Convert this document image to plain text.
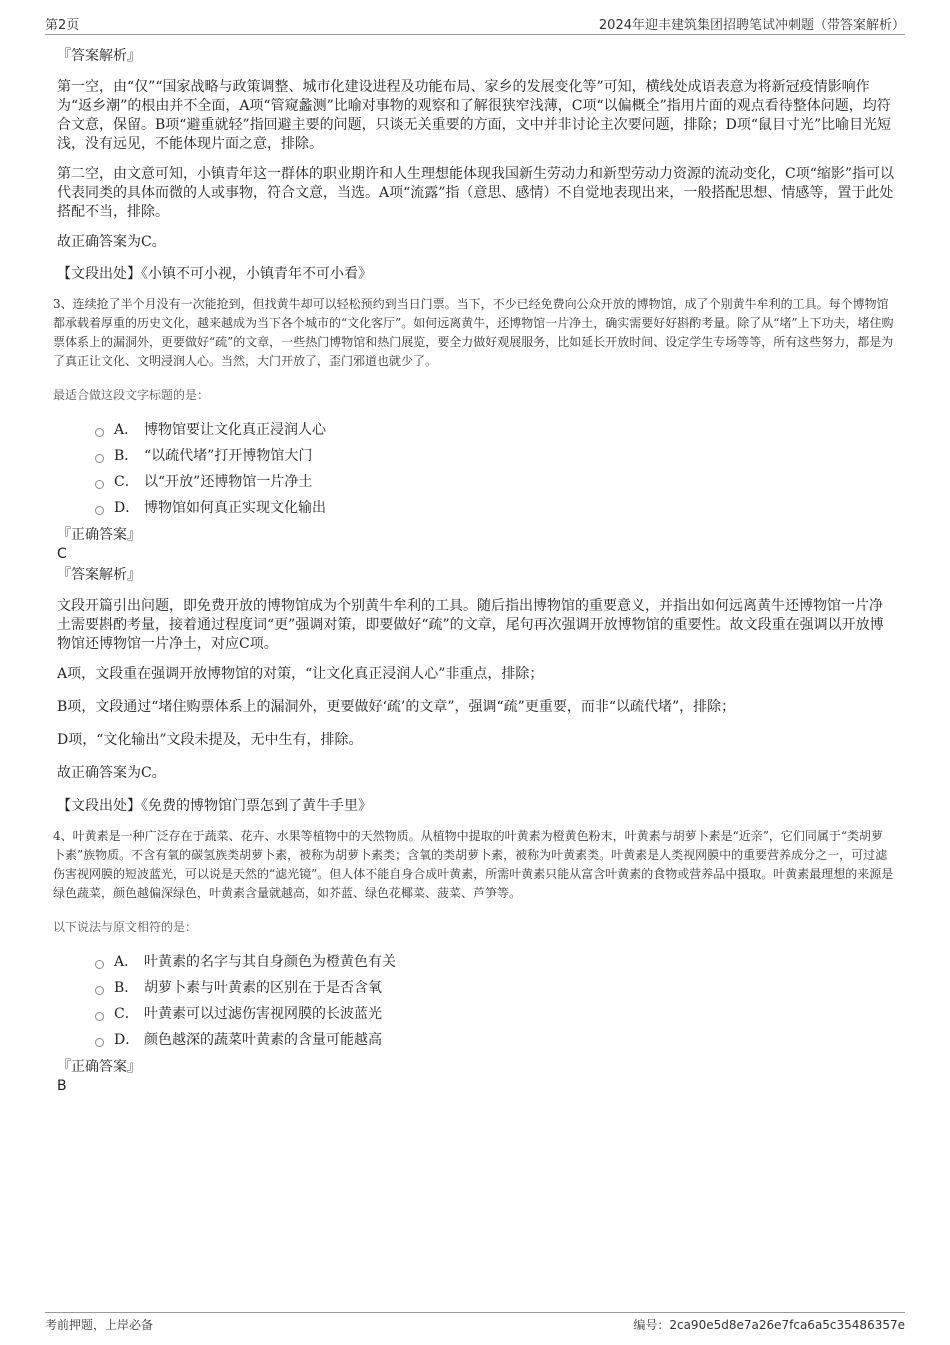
第2页	2024年迎丰建筑集团招聘笔试冲刺题（带答案解析）
『答案解析』
第一空，由“仅”“国家战略与政策调整、城市化建设进程及功能布局、家乡的发展变化等”可知，横线处成语表意为将新冠疫情影响作为“返乡潮”的根由并不全面，A项“管窥蠡测”比喻对事物的观察和了解很狭窄浅薄，C项“以偏概全”指用片面的观点看待整体问题，均符合文意，保留。B项“避重就轻”指回避主要的问题，只谈无关重要的方面，文中并非讨论主次要问题，排除；D项“鼠目寸光”比喻目光短浅，没有远见，不能体现片面之意，排除。
第二空，由文意可知，小镇青年这一群体的职业期许和人生理想能体现我国新生劳动力和新型劳动力资源的流动变化，C项“缩影”指可以代表同类的具体而微的人或事物，符合文意，当选。A项“流露”指（意思、感情）不自觉地表现出来，一般搭配思想、情感等，置于此处搭配不当，排除。
故正确答案为C。
【文段出处】《小镇不可小视，小镇青年不可小看》
3、连续抢了半个月没有一次能抢到，但找黄牛却可以轻松预约到当日门票。当下，不少已经免费向公众开放的博物馆，成了个别黄牛牟利的工具。每个博物馆都承载着厚重的历史文化，越来越成为当下各个城市的“文化客厅”。如何远离黄牛，还博物馆一片净土，确实需要好好斟酌考量。除了从“堵”上下功夫，堵住购票体系上的漏洞外，更要做好“疏”的文章，一些热门博物馆和热门展览，要全力做好观展服务，比如延长开放时间、设定学生专场等等，所有这些努力，都是为了真正让文化、文明浸润人心。当然，大门开放了，歪门邪道也就少了。
最适合做这段文字标题的是：
A． 博物馆要让文化真正浸润人心
B． “以疏代堵”打开博物馆大门
C． 以“开放”还博物馆一片净土
D． 博物馆如何真正实现文化输出
『正确答案』
C
『答案解析』
文段开篇引出问题，即免费开放的博物馆成为个别黄牛牟利的工具。随后指出博物馆的重要意义，并指出如何远离黄牛还博物馆一片净土需要斟酌考量，接着通过程度词“更”强调对策，即要做好“疏”的文章，尾句再次强调开放博物馆的重要性。故文段重在强调以开放博物馆还博物馆一片净土，对应C项。
A项，文段重在强调开放博物馆的对策，“让文化真正浸润人心”非重点，排除；
B项，文段通过“堵住购票体系上的漏洞外，更要做好‘疏’的文章”，强调“疏”更重要，而非“以疏代堵”，排除；
D项，“文化输出”文段未提及，无中生有，排除。
故正确答案为C。
【文段出处】《免费的博物馆门票怎到了黄牛手里》
4、叶黄素是一种广泛存在于蔬菜、花卉、水果等植物中的天然物质。从植物中提取的叶黄素为橙黄色粉末，叶黄素与胡萝卜素是“近亲”，它们同属于“类胡萝卜素”族物质。不含有氧的碳氢族类胡萝卜素，被称为胡萝卜素类；含氧的类胡萝卜素，被称为叶黄素类。叶黄素是人类视网膜中的重要营养成分之一，可过滤伤害视网膜的短波蓝光，可以说是天然的“滤光镜”。但人体不能自身合成叶黄素，所需叶黄素只能从富含叶黄素的食物或营养品中摄取。叶黄素最理想的来源是绿色蔬菜，颜色越偏深绿色，叶黄素含量就越高，如芥蓝、绿色花椰菜、菠菜、芦笋等。
以下说法与原文相符的是：
A． 叶黄素的名字与其自身颜色为橙黄色有关
B． 胡萝卜素与叶黄素的区别在于是否含氧
C． 叶黄素可以过滤伤害视网膜的长波蓝光
D． 颜色越深的蔬菜叶黄素的含量可能越高
『正确答案』
B
考前押题，上岸必备	编号：2ca90e5d8e7a26e7fca6a5c35486357e
